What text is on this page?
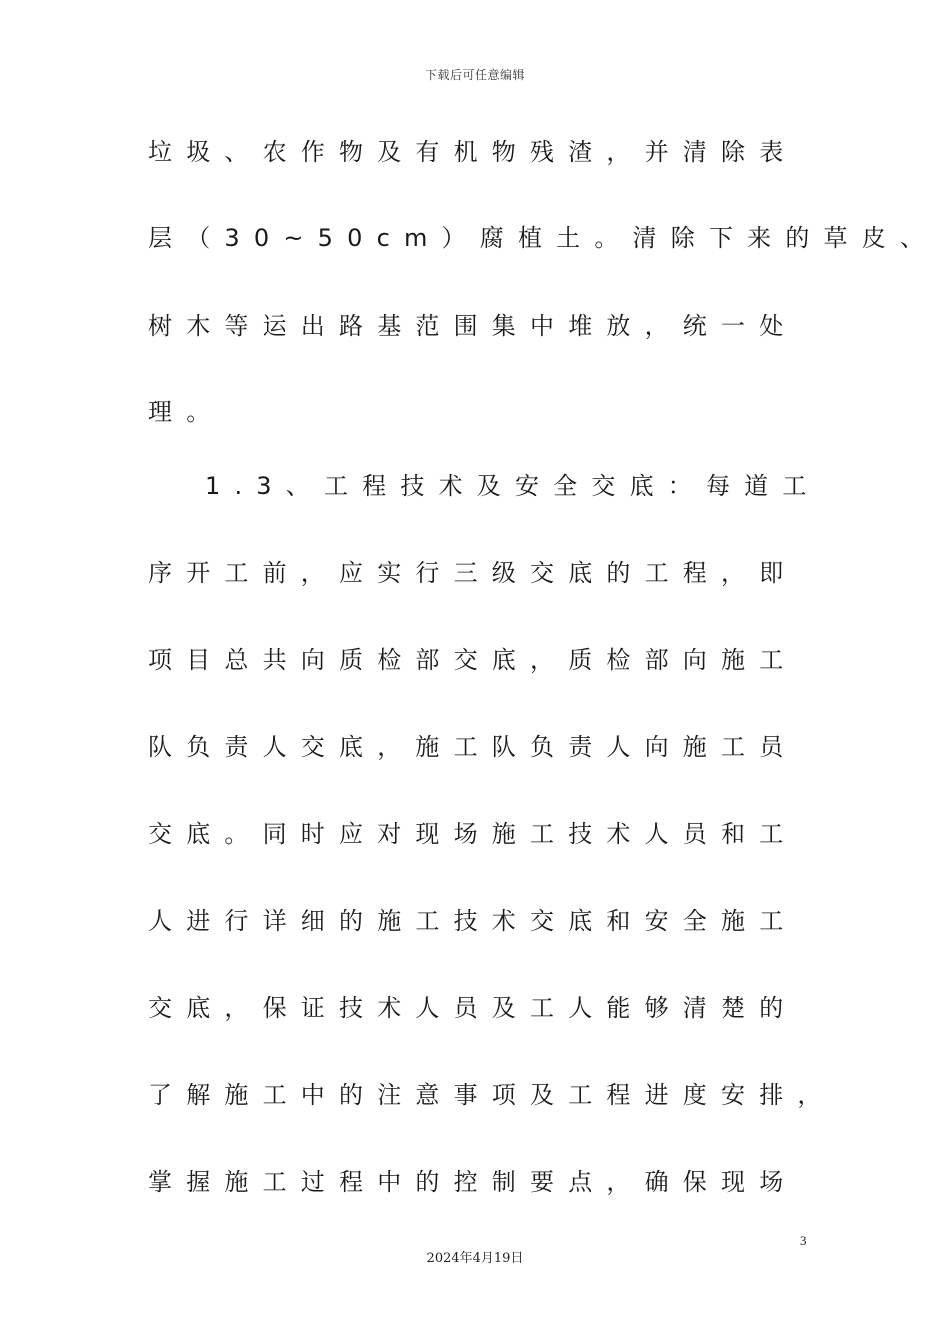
下载后可任意编辑
垃圾、农作物及有机物残渣，并清除表
层（30~50cm）腐植土。清除下来的草皮、
树木等运出路基范围集中堆放，统一处
理。
1.3、工程技术及安全交底：每道工
序开工前，应实行三级交底的工程，即
项目总共向质检部交底，质检部向施工
队负责人交底，施工队负责人向施工员
交底。同时应对现场施工技术人员和工
人进行详细的施工技术交底和安全施工
交底，保证技术人员及工人能够清楚的
了解施工中的注意事项及工程进度安排，
掌握施工过程中的控制要点，确保现场
3
2024年4月19日
